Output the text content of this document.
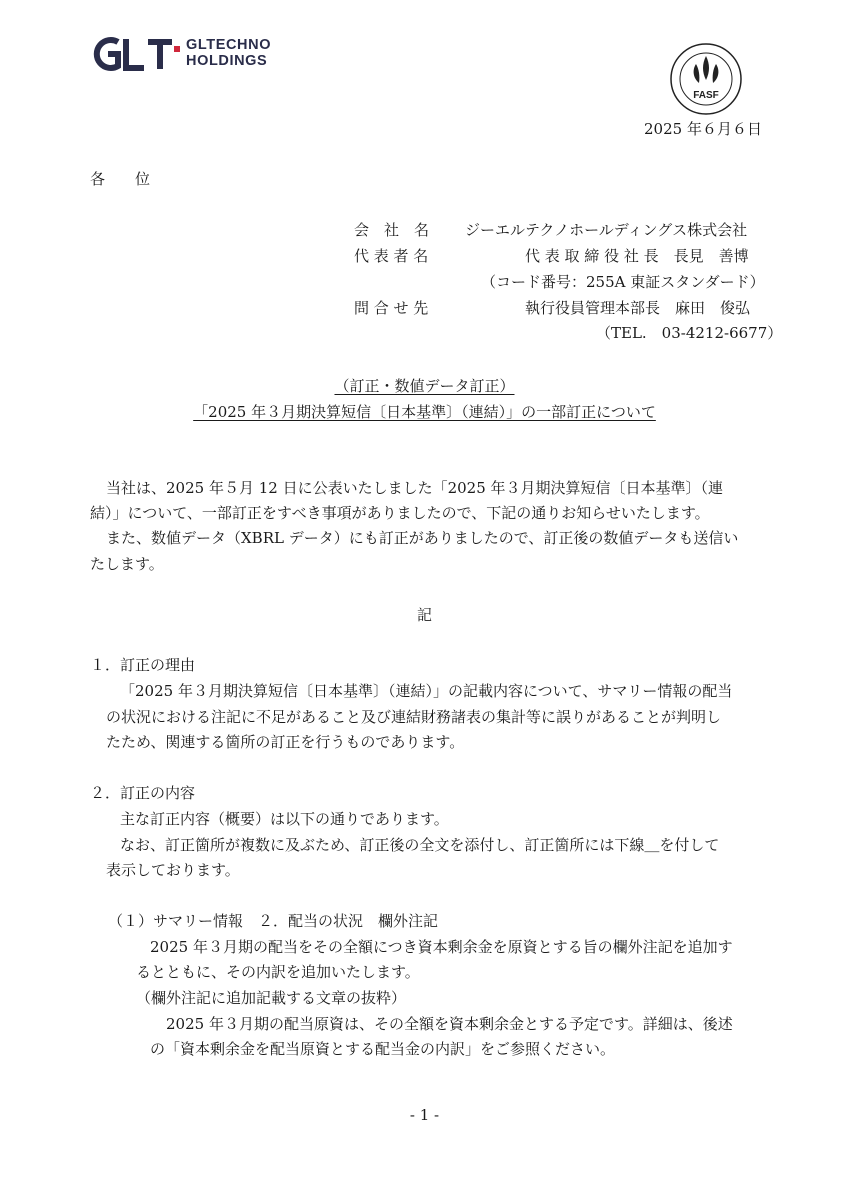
GLTECHNO
HOLDINGS
FASF
2025 年６月６日
各　　位
会　社　名 ジーエルテクノホールディングス株式会社
代 表 者 名	代 表 取 締 役 社 長　長見　善博
（コード番号：255A 東証スタンダード）
問 合 せ 先	執行役員管理本部長　麻田　俊弘
（TEL.　03-4212-6677）
（訂正・数値データ訂正）
「2025 年３月期決算短信〔日本基準〕（連結）」の一部訂正について
当社は、2025 年５月 12 日に公表いたしました「2025 年３月期決算短信〔日本基準〕（連
結）」について、一部訂正をすべき事項がありましたので、下記の通りお知らせいたします。
また、数値データ（XBRL データ）にも訂正がありましたので、訂正後の数値データも送信い
たします。
記
１．訂正の理由
「2025 年３月期決算短信〔日本基準〕（連結）」の記載内容について、サマリー情報の配当
の状況における注記に不足があること及び連結財務諸表の集計等に誤りがあることが判明し
たため、関連する箇所の訂正を行うものであります。
２．訂正の内容
主な訂正内容（概要）は以下の通りであります。
なお、訂正箇所が複数に及ぶため、訂正後の全文を添付し、訂正箇所には下線＿を付して
表示しております。
（１）サマリー情報　２．配当の状況　欄外注記
2025 年３月期の配当をその全額につき資本剰余金を原資とする旨の欄外注記を追加す
るとともに、その内訳を追加いたします。
（欄外注記に追加記載する文章の抜粋）
2025 年３月期の配当原資は、その全額を資本剰余金とする予定です。詳細は、後述
の「資本剰余金を配当原資とする配当金の内訳」をご参照ください。
- 1 -
